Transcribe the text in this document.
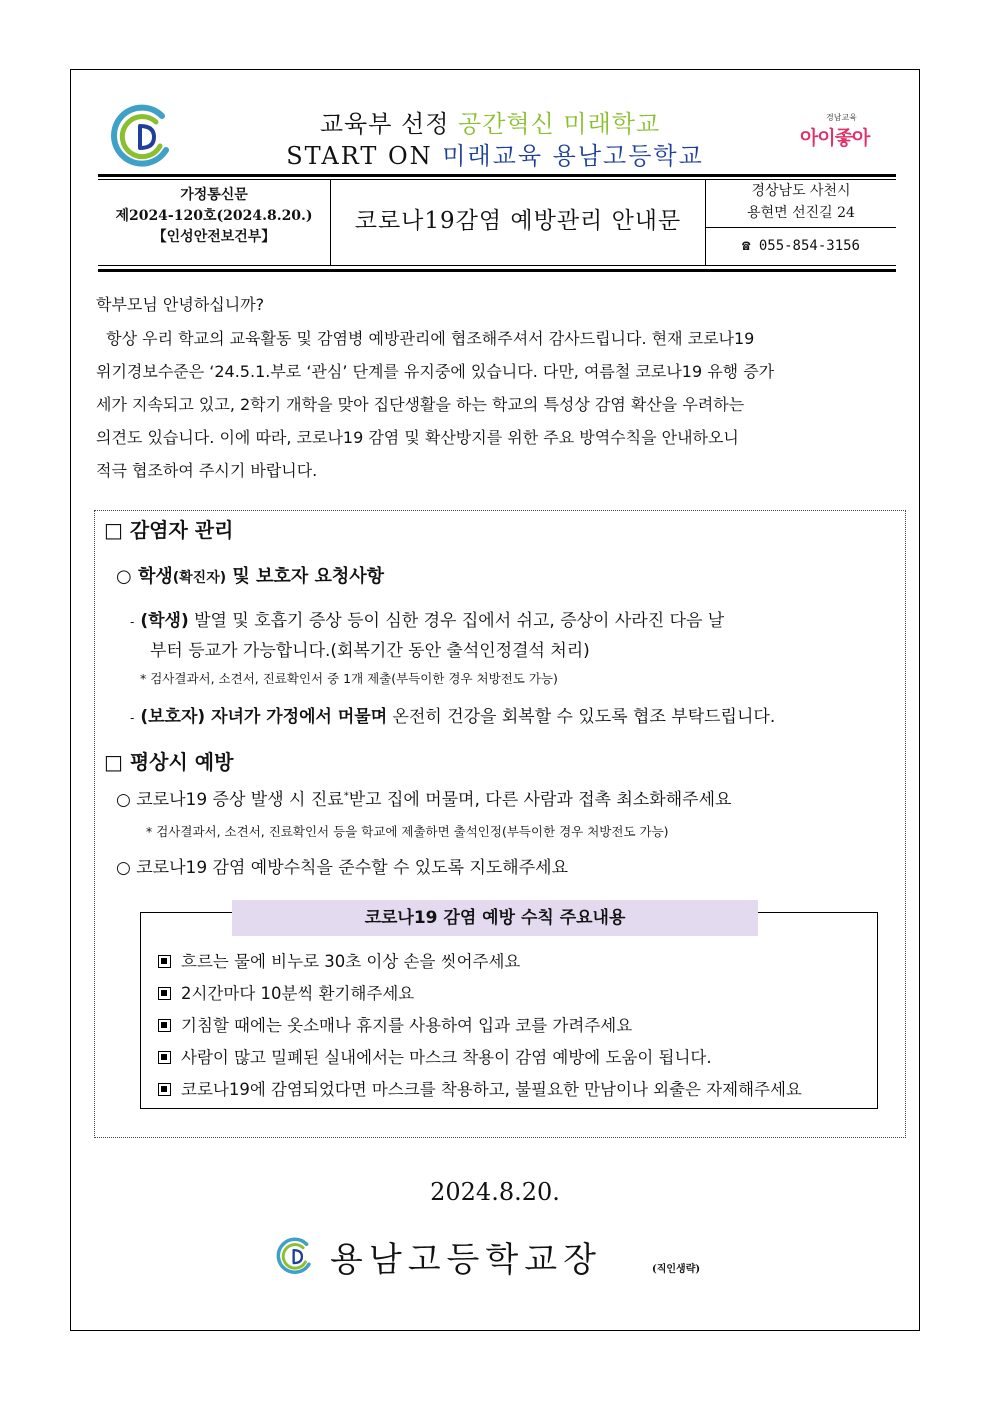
교육부 선정 공간혁신 미래학교
START ON 미래교육 용남고등학교
경남교육
아이좋아
가정통신문
제2024-120호(2024.8.20.)
【인성안전보건부】
코로나19감염 예방관리 안내문
경상남도 사천시
용현면 선진길 24
☎ 055-854-3156
학부모님 안녕하십니까?
항상 우리 학교의 교육활동 및 감염병 예방관리에 협조해주셔서 감사드립니다. 현재 코로나19
위기경보수준은 ‘24.5.1.부로 ‘관심’ 단계를 유지중에 있습니다. 다만, 여름철 코로나19 유행 증가
세가 지속되고 있고, 2학기 개학을 맞아 집단생활을 하는 학교의 특성상 감염 확산을 우려하는
의견도 있습니다. 이에 따라, 코로나19 감염 및 확산방지를 위한 주요 방역수칙을 안내하오니
적극 협조하여 주시기 바랍니다.
□ 감염자 관리
○ 학생(확진자) 및 보호자 요청사항
- (학생) 발열 및 호흡기 증상 등이 심한 경우 집에서 쉬고, 증상이 사라진 다음 날
부터 등교가 가능합니다.(회복기간 동안 출석인정결석 처리)
* 검사결과서, 소견서, 진료확인서 중 1개 제출(부득이한 경우 처방전도 가능)
- (보호자) 자녀가 가정에서 머물며 온전히 건강을 회복할 수 있도록 협조 부탁드립니다.
□ 평상시 예방
○ 코로나19 증상 발생 시 진료*받고 집에 머물며, 다른 사람과 접촉 최소화해주세요
* 검사결과서, 소견서, 진료확인서 등을 학교에 제출하면 출석인정(부득이한 경우 처방전도 가능)
○ 코로나19 감염 예방수칙을 준수할 수 있도록 지도해주세요
코로나19 감염 예방 수칙 주요내용
흐르는 물에 비누로 30초 이상 손을 씻어주세요
2시간마다 10분씩 환기해주세요
기침할 때에는 옷소매나 휴지를 사용하여 입과 코를 가려주세요
사람이 많고 밀폐된 실내에서는 마스크 착용이 감염 예방에 도움이 됩니다.
코로나19에 감염되었다면 마스크를 착용하고, 불필요한 만남이나 외출은 자제해주세요
2024.8.20.
용남고등학교장	(직인생략)
